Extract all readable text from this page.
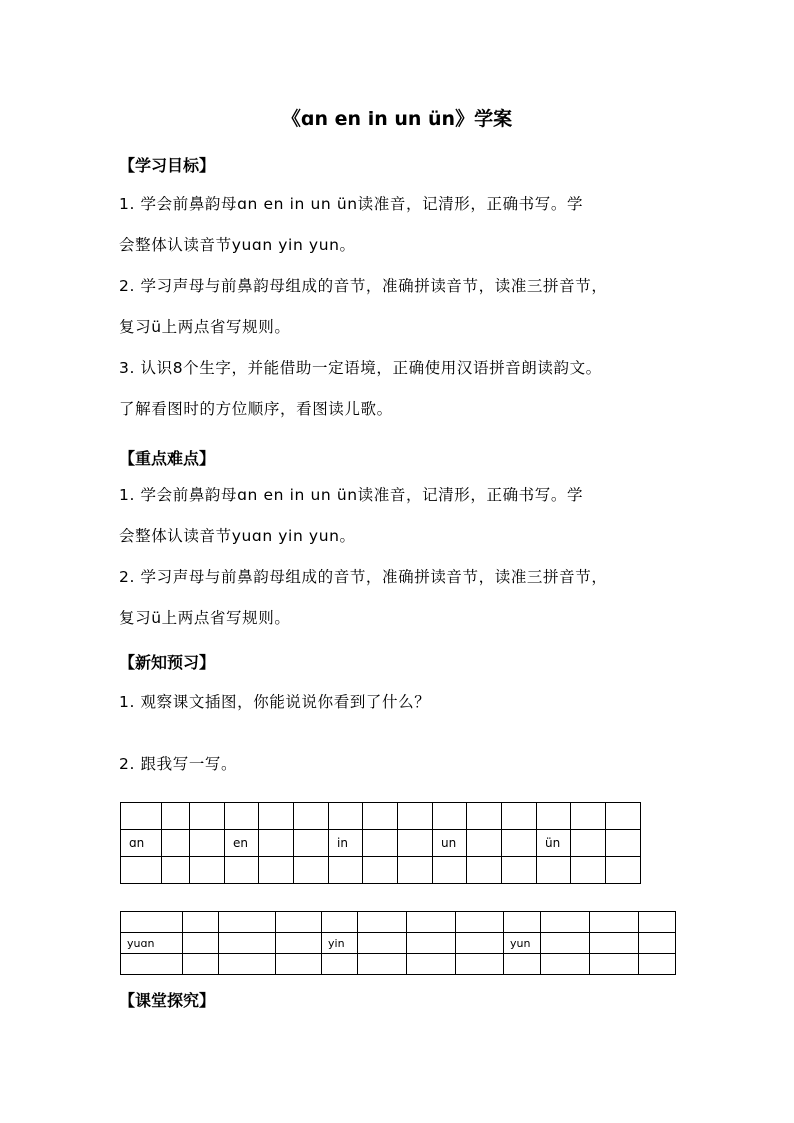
《ɑn en in un ün》学案
【学习目标】
1. 学会前鼻韵母ɑn en in un ün读准音，记清形，正确书写。学
会整体认读音节yuɑn yin yun。
2. 学习声母与前鼻韵母组成的音节，准确拼读音节，读准三拼音节，
复习ü上两点省写规则。
3. 认识8个生字，并能借助一定语境，正确使用汉语拼音朗读韵文。
了解看图时的方位顺序，看图读儿歌。
【重点难点】
1. 学会前鼻韵母ɑn en in un ün读准音，记清形，正确书写。学
会整体认读音节yuɑn yin yun。
2. 学习声母与前鼻韵母组成的音节，准确拼读音节，读准三拼音节，
复习ü上两点省写规则。
【新知预习】
1. 观察课文插图，你能说说你看到了什么？
2. 跟我写一写。

ɑn			en			in			un			ün		

yuɑn				yin				yun			

【课堂探究】
